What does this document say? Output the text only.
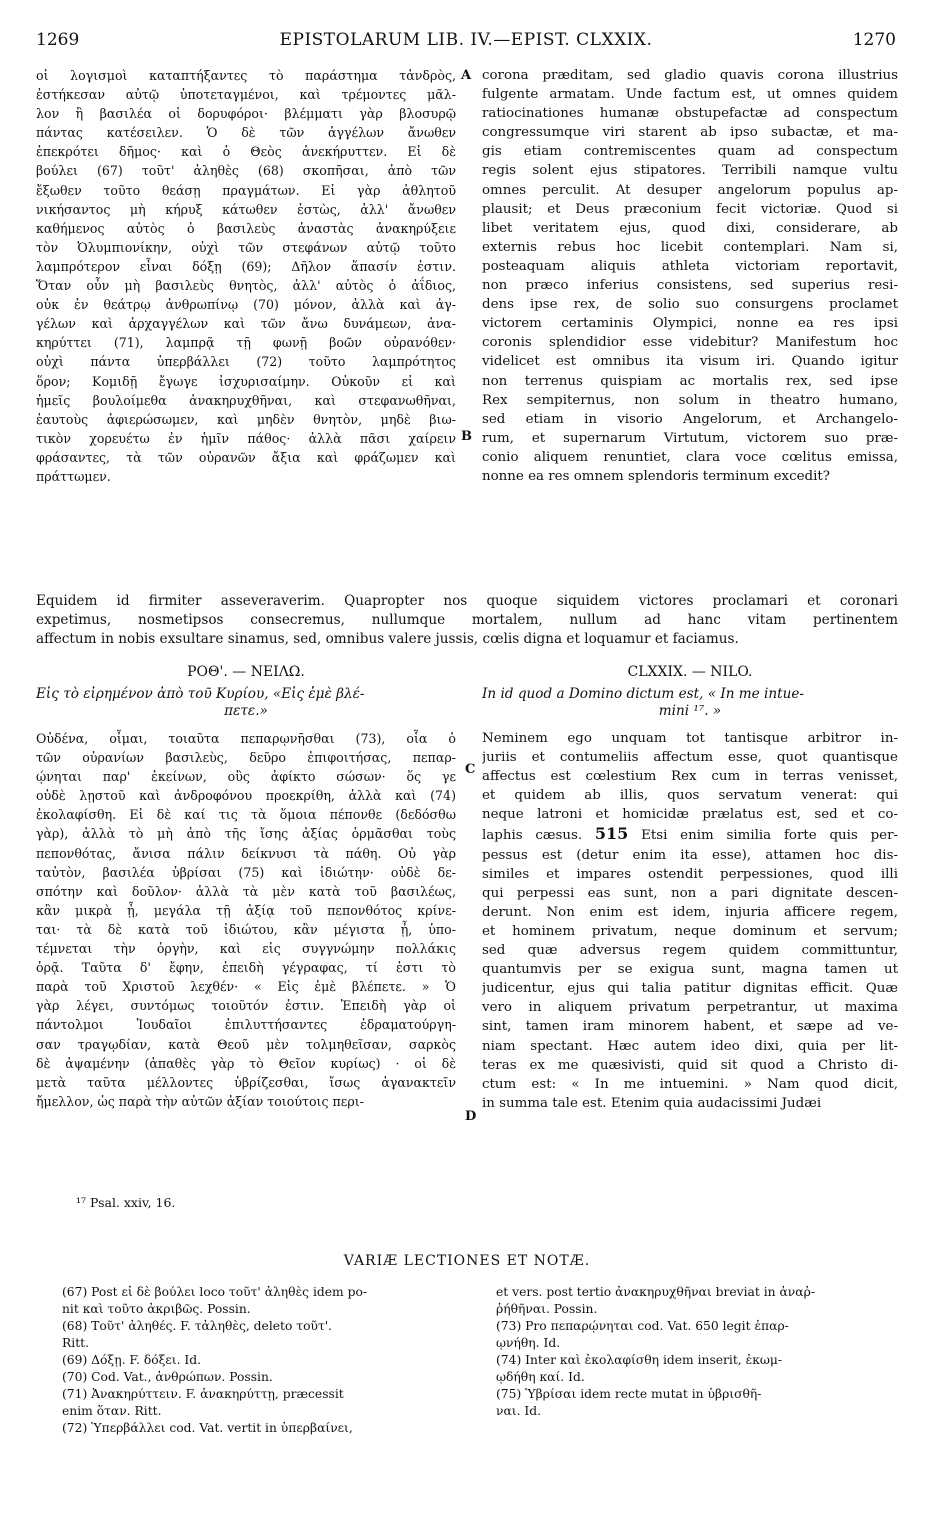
1269	EPISTOLARUM LIB. IV.—EPIST. CLXXIX.	1270
οἱ λογισμοὶ καταπτήξαντες τὸ παράστημα τἀνδρὸς,
ἐστήκεσαν αὐτῷ ὑποτεταγμένοι, καὶ τρέμοντες μᾶλ-
λον ἢ βασιλέα οἱ δορυφόροι· βλέμματι γὰρ βλοσυρῷ
πάντας κατέσειλεν. Ὁ δὲ τῶν ἀγγέλων ἄνωθεν
ἐπεκρότει δῆμος· καὶ ὁ Θεὸς ἀνεκήρυττεν. Εἰ δὲ
βούλει (67) τοῦτ' ἀληθὲς (68) σκοπῆσαι, ἀπὸ τῶν
ἔξωθεν τοῦτο θεάσῃ πραγμάτων. Εἰ γὰρ ἀθλητοῦ
νικήσαντος μὴ κήρυξ κάτωθεν ἑστὼς, ἀλλ' ἄνωθεν
καθήμενος αὐτὸς ὁ βασιλεὺς ἀναστὰς ἀνακηρύξειε
τὸν Ὀλυμπιονίκην, οὐχὶ τῶν στεφάνων αὐτῷ τοῦτο
λαμπρότερον εἶναι δόξῃ (69); Δῆλον ἅπασίν ἐστιν.
Ὅταν οὖν μὴ βασιλεὺς θνητὸς, ἀλλ' αὐτὸς ὁ ἀΐδιος,
οὐκ ἐν θεάτρῳ ἀνθρωπίνῳ (70) μόνον, ἀλλὰ καὶ ἀγ-
γέλων καὶ ἀρχαγγέλων καὶ τῶν ἄνω δυνάμεων, ἀνα-
κηρύττει (71), λαμπρᾷ τῇ φωνῇ βοῶν οὐρανόθεν·
οὐχὶ πάντα ὑπερβάλλει (72) τοῦτο λαμπρότητος
ὅρον; Κομιδῇ ἔγωγε ἰσχυρισαίμην. Οὐκοῦν εἰ καὶ
ἡμεῖς βουλοίμεθα ἀνακηρυχθῆναι, καὶ στεφανωθῆναι,
ἑαυτοὺς ἀφιερώσωμεν, καὶ μηδὲν θνητὸν, μηδὲ βιω-
τικὸν χορευέτω ἐν ἡμῖν πάθος· ἀλλὰ πᾶσι χαίρειν
φράσαντες, τὰ τῶν οὐρανῶν ἄξια καὶ φράζωμεν καὶ
πράττωμεν.
corona præditam, sed gladio quavis corona illustrius
fulgente armatam. Unde factum est, ut omnes quidem
ratiocinationes humanæ obstupefactæ ad conspectum
congressumque viri starent ab ipso subactæ, et ma-
gis etiam contremiscentes quam ad conspectum
regis solent ejus stipatores. Terribili namque vultu
omnes perculit. At desuper angelorum populus ap-
plausit; et Deus præconium fecit victoriæ. Quod si
libet veritatem ejus, quod dixi, considerare, ab
externis rebus hoc licebit contemplari. Nam si,
posteaquam aliquis athleta victoriam reportavit,
non præco inferius consistens, sed superius resi-
dens ipse rex, de solio suo consurgens proclamet
victorem certaminis Olympici, nonne ea res ipsi
coronis splendidior esse videbitur? Manifestum hoc
videlicet est omnibus ita visum iri. Quando igitur
non terrenus quispiam ac mortalis rex, sed ipse
Rex sempiternus, non solum in theatro humano,
sed etiam in visorio Angelorum, et Archangelo-
rum, et supernarum Virtutum, victorem suo præ-
conio aliquem renuntiet, clara voce cœlitus emissa,
nonne ea res omnem splendoris terminum excedit?
A
B
Equidem id firmiter asseveraverim. Quapropter nos quoque siquidem victores proclamari et coronari
expetimus, nosmetipsos consecremus, nullumque mortalem, nullum ad hanc vitam pertinentem
affectum in nobis exsultare sinamus, sed, omnibus valere jussis, cœlis digna et loquamur et faciamus.
ΡΟΘ'. — ΝΕΙΛΩ.	CLXXIX. — NILO.
Εἰς τὸ εἰρημένον ἀπὸ τοῦ Κυρίου, «Εἰς ἐμὲ βλέ-
πετε.»
In id quod a Domino dictum est, « In me intue-
mini ¹⁷. »
Οὐδένα, οἶμαι, τοιαῦτα πεπαρῳνῆσθαι (73), οἷα ὁ
τῶν οὐρανίων βασιλεὺς, δεῦρο ἐπιφοιτήσας, πεπαρ-
ῴνηται παρ' ἐκείνων, οὓς ἀφίκτο σώσων· ὅς γε
οὐδὲ λῃστοῦ καὶ ἀνδροφόνου προεκρίθη, ἀλλὰ καὶ (74)
ἐκολαφίσθη. Εἰ δὲ καί τις τὰ ὅμοια πέπονθε (δεδόσθω
γὰρ), ἀλλὰ τὸ μὴ ἀπὸ τῆς ἴσης ἀξίας ὁρμᾶσθαι τοὺς
πεπονθότας, ἄνισα πάλιν δείκνυσι τὰ πάθη. Οὐ γὰρ
ταὐτὸν, βασιλέα ὑβρίσαι (75) καὶ ἰδιώτην· οὐδὲ δε-
σπότην καὶ δοῦλον· ἀλλὰ τὰ μὲν κατὰ τοῦ βασιλέως,
κἂν μικρὰ ᾖ, μεγάλα τῇ ἀξίᾳ τοῦ πεπονθότος κρίνε-
ται· τὰ δὲ κατὰ τοῦ ἰδιώτου, κἂν μέγιστα ᾖ, ὑπο-
τέμνεται τὴν ὀργὴν, καὶ εἰς συγγνώμην πολλάκις
ὁρᾷ. Ταῦτα δ' ἔφην, ἐπειδὴ γέγραφας, τί ἐστι τὸ
παρὰ τοῦ Χριστοῦ λεχθέν· « Εἰς ἐμὲ βλέπετε. » Ὁ
γὰρ λέγει, συντόμως τοιοῦτόν ἐστιν. Ἐπειδὴ γὰρ οἱ
πάντολμοι Ἰουδαῖοι ἐπιλυττήσαντες ἐδραματούργη-
σαν τραγῳδίαν, κατὰ Θεοῦ μὲν τολμηθεῖσαν, σαρκὸς
δὲ ἀψαμένην (ἀπαθὲς γὰρ τὸ Θεῖον κυρίως) · οἱ δὲ
μετὰ ταῦτα μέλλοντες ὑβρίζεσθαι, ἴσως ἀγανακτεῖν
ἤμελλον, ὡς παρὰ τὴν αὐτῶν ἀξίαν τοιούτοις περι-
Neminem ego unquam tot tantisque arbitror in-
juriis et contumeliis affectum esse, quot quantisque
affectus est cœlestium Rex cum in terras venisset,
et quidem ab illis, quos servatum venerat: qui
neque latroni et homicidæ prælatus est, sed et co-
laphis cæsus. 515 Etsi enim similia forte quis per-
pessus est (detur enim ita esse), attamen hoc dis-
similes et impares ostendit perpessiones, quod illi
qui perpessi eas sunt, non a pari dignitate descen-
derunt. Non enim est idem, injuria afficere regem,
et hominem privatum, neque dominum et servum;
sed quæ adversus regem quidem committuntur,
quantumvis per se exigua sunt, magna tamen ut
judicentur, ejus qui talia patitur dignitas efficit. Quæ
vero in aliquem privatum perpetrantur, ut maxima
sint, tamen iram minorem habent, et sæpe ad ve-
niam spectant. Hæc autem ideo dixi, quia per lit-
teras ex me quæsivisti, quid sit quod a Christo di-
ctum est: « In me intuemini. » Nam quod dicit,
in summa tale est. Etenim quia audacissimi Judæi
C
D
¹⁷ Psal. xxiv, 16.
VARIÆ LECTIONES ET NOTÆ.
(67) Post εἰ δὲ βούλει loco τοῦτ' ἀληθὲς idem po-
nit καὶ τοῦτο ἀκριβῶς. Possin.
(68) Τοῦτ' ἀληθές. F. τἀληθὲς, deleto τοῦτ'.
Ritt.
(69) Δόξῃ. F. δόξει. Id.
(70) Cod. Vat., ἀνθρώπων. Possin.
(71) Ἀνακηρύττειν. F. ἀνακηρύττῃ, præcessit
enim ὅταν. Ritt.
(72) Ὑπερβάλλει cod. Vat. vertit in ὑπερβαίνει,
et vers. post tertio ἀνακηρυχθῆναι breviat in ἀναῤ-
ῥήθῆναι. Possin.
(73) Pro πεπαρῴνηται cod. Vat. 650 legit ἐπαρ-
ῳνήθη. Id.
(74) Inter καὶ ἐκολαφίσθη idem inserit, ἐκωμ-
ῳδήθη καί. Id.
(75) Ὑβρίσαι idem recte mutat in ὑβρισθῆ-
ναι. Id.
